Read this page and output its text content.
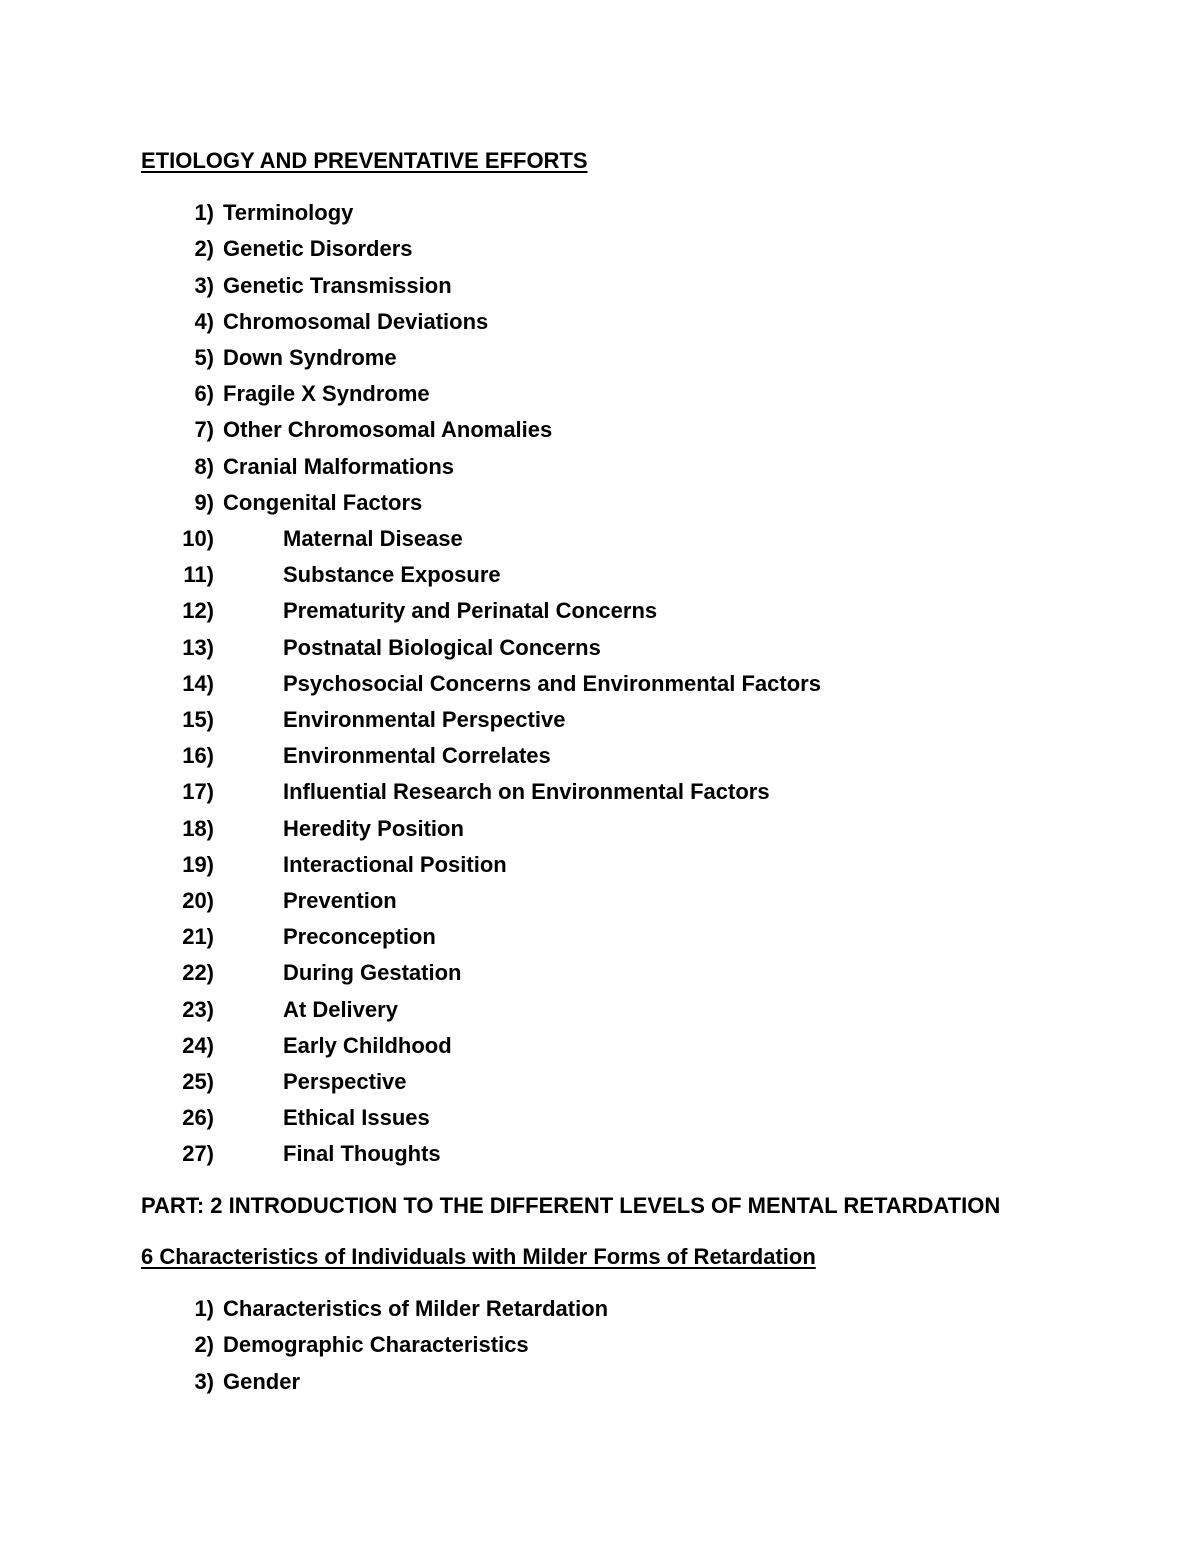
ETIOLOGY AND PREVENTATIVE EFFORTS
1) Terminology
2) Genetic Disorders
3) Genetic Transmission
4) Chromosomal Deviations
5) Down Syndrome
6) Fragile X Syndrome
7) Other Chromosomal Anomalies
8) Cranial Malformations
9) Congenital Factors
10)	Maternal Disease
11)	Substance Exposure
12)	Prematurity and Perinatal Concerns
13)	Postnatal Biological Concerns
14)	Psychosocial Concerns and Environmental Factors
15)	Environmental Perspective
16)	Environmental Correlates
17)	Influential Research on Environmental Factors
18)	Heredity Position
19)	Interactional Position
20)	Prevention
21)	Preconception
22)	During Gestation
23)	At Delivery
24)	Early Childhood
25)	Perspective
26)	Ethical Issues
27)	Final Thoughts
PART: 2 INTRODUCTION TO THE DIFFERENT LEVELS OF MENTAL RETARDATION
6 Characteristics of Individuals with Milder Forms of Retardation
1) Characteristics of Milder Retardation
2) Demographic Characteristics
3) Gender
